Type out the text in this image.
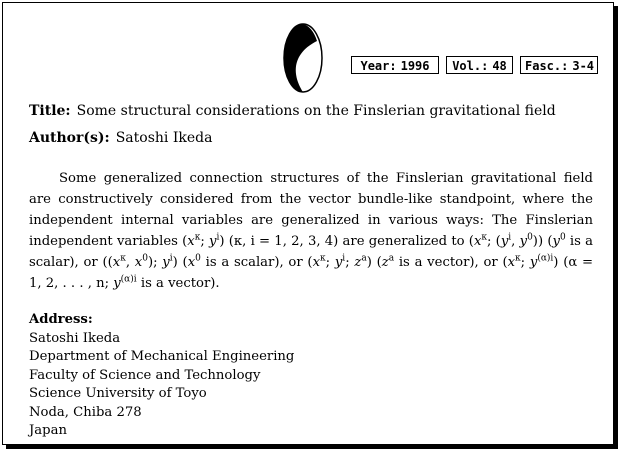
Year: 1996	Vol.: 48	Fasc.: 3-4
Title: Some structural considerations on the Finslerian gravitational field
Author(s): Satoshi Ikeda

Some generalized connection structures of the Finslerian gravitational field are constructively considered from the vector bundle-like standpoint, where the independent internal variables are generalized in various ways: The Finslerian independent variables ($x^\kappa$; $y^i$) (κ, i = 1, 2, 3, 4) are generalized to ($x^\kappa$; ($y^i$, $y^0$)) ($y^0$ is a scalar), or (($x^\kappa$, $x^0$); $y^i$) ($x^0$ is a scalar), or ($x^\kappa$; $y^i$; $z^a$) ($z^a$ is a vector), or ($x^\kappa$; $y^{(\alpha)i}$) (α = 1, 2, . . . , n; $y^{(\alpha)i}$ is a vector).

Address:
Satoshi Ikeda
Department of Mechanical Engineering
Faculty of Science and Technology
Science University of Toyo
Noda, Chiba 278
Japan
